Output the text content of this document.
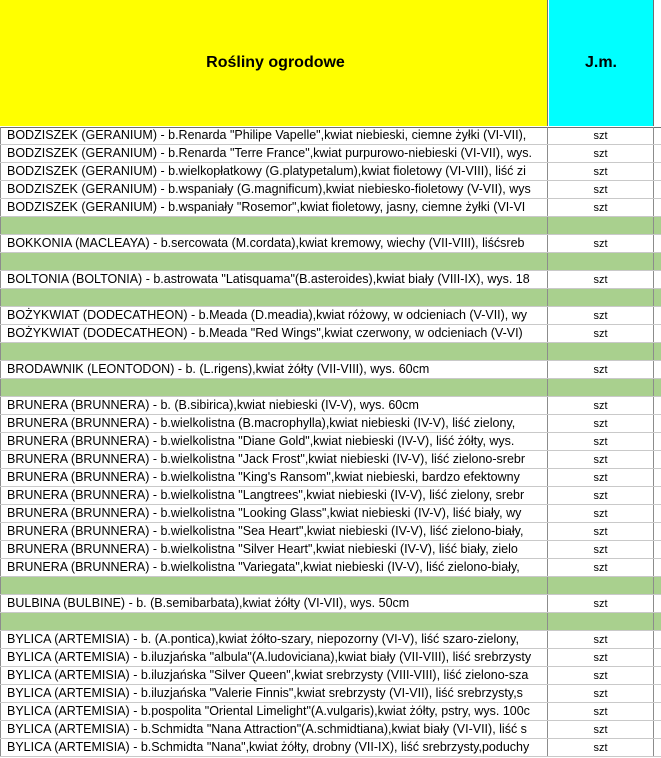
Rośliny ogrodowe	J.m.
BODZISZEK (GERANIUM) - b.Renarda "Philipe Vapelle",kwiat niebieski, ciemne żyłki (VI-VII),	szt
BODZISZEK (GERANIUM) - b.Renarda "Terre France",kwiat purpurowo-niebieski (VI-VII), wys.	szt
BODZISZEK (GERANIUM) - b.wielkopłatkowy (G.platypetalum),kwiat fioletowy (VI-VIII), liść zi	szt
BODZISZEK (GERANIUM) - b.wspaniały (G.magnificum),kwiat niebiesko-fioletowy (V-VII), wys	szt
BODZISZEK (GERANIUM) - b.wspaniały "Rosemor",kwiat fioletowy, jasny, ciemne żyłki (VI-VI	szt
BOKKONIA (MACLEAYA) - b.sercowata (M.cordata),kwiat kremowy, wiechy (VII-VIII), liśćsreb	szt
BOLTONIA (BOLTONIA) - b.astrowata "Latisquama"(B.asteroides),kwiat biały (VIII-IX), wys. 18	szt
BOŻYKWIAT (DODECATHEON) - b.Meada (D.meadia),kwiat różowy, w odcieniach (V-VII), wy	szt
BOŻYKWIAT (DODECATHEON) - b.Meada "Red Wings",kwiat czerwony, w odcieniach (V-VI)	szt
BRODAWNIK (LEONTODON) - b. (L.rigens),kwiat żółty (VII-VIII), wys. 60cm	szt
BRUNERA (BRUNNERA) - b. (B.sibirica),kwiat niebieski (IV-V), wys. 60cm	szt
BRUNERA (BRUNNERA) - b.wielkolistna (B.macrophylla),kwiat niebieski (IV-V), liść zielony,	szt
BRUNERA (BRUNNERA) - b.wielkolistna "Diane Gold",kwiat niebieski (IV-V), liść żółty, wys.	szt
BRUNERA (BRUNNERA) - b.wielkolistna "Jack Frost",kwiat niebieski (IV-V), liść zielono-srebr	szt
BRUNERA (BRUNNERA) - b.wielkolistna "King's Ransom",kwiat niebieski, bardzo efektowny	szt
BRUNERA (BRUNNERA) - b.wielkolistna "Langtrees",kwiat niebieski (IV-V), liść zielony, srebr	szt
BRUNERA (BRUNNERA) - b.wielkolistna "Looking Glass",kwiat niebieski (IV-V), liść biały, wy	szt
BRUNERA (BRUNNERA) - b.wielkolistna "Sea Heart",kwiat niebieski (IV-V), liść zielono-biały,	szt
BRUNERA (BRUNNERA) - b.wielkolistna "Silver Heart",kwiat niebieski (IV-V), liść biały, zielo	szt
BRUNERA (BRUNNERA) - b.wielkolistna "Variegata",kwiat niebieski (IV-V), liść zielono-biały,	szt
BULBINA (BULBINE) - b. (B.semibarbata),kwiat żółty (VI-VII), wys. 50cm	szt
BYLICA (ARTEMISIA) - b. (A.pontica),kwiat żółto-szary, niepozorny (VI-V), liść szaro-zielony,	szt
BYLICA (ARTEMISIA) - b.iluzjańska "albula"(A.ludoviciana),kwiat biały (VII-VIII), liść srebrzysty	szt
BYLICA (ARTEMISIA) - b.iluzjańska "Silver Queen",kwiat srebrzysty (VIII-VIII), liść zielono-sza	szt
BYLICA (ARTEMISIA) - b.iluzjańska "Valerie Finnis",kwiat srebrzysty (VI-VII), liść srebrzysty,s	szt
BYLICA (ARTEMISIA) - b.pospolita "Oriental Limelight"(A.vulgaris),kwiat żółty, pstry, wys. 100c	szt
BYLICA (ARTEMISIA) - b.Schmidta "Nana Attraction"(A.schmidtiana),kwiat biały (VI-VII), liść s	szt
BYLICA (ARTEMISIA) - b.Schmidta "Nana",kwiat żółty, drobny (VII-IX), liść srebrzysty,poduchy	szt
